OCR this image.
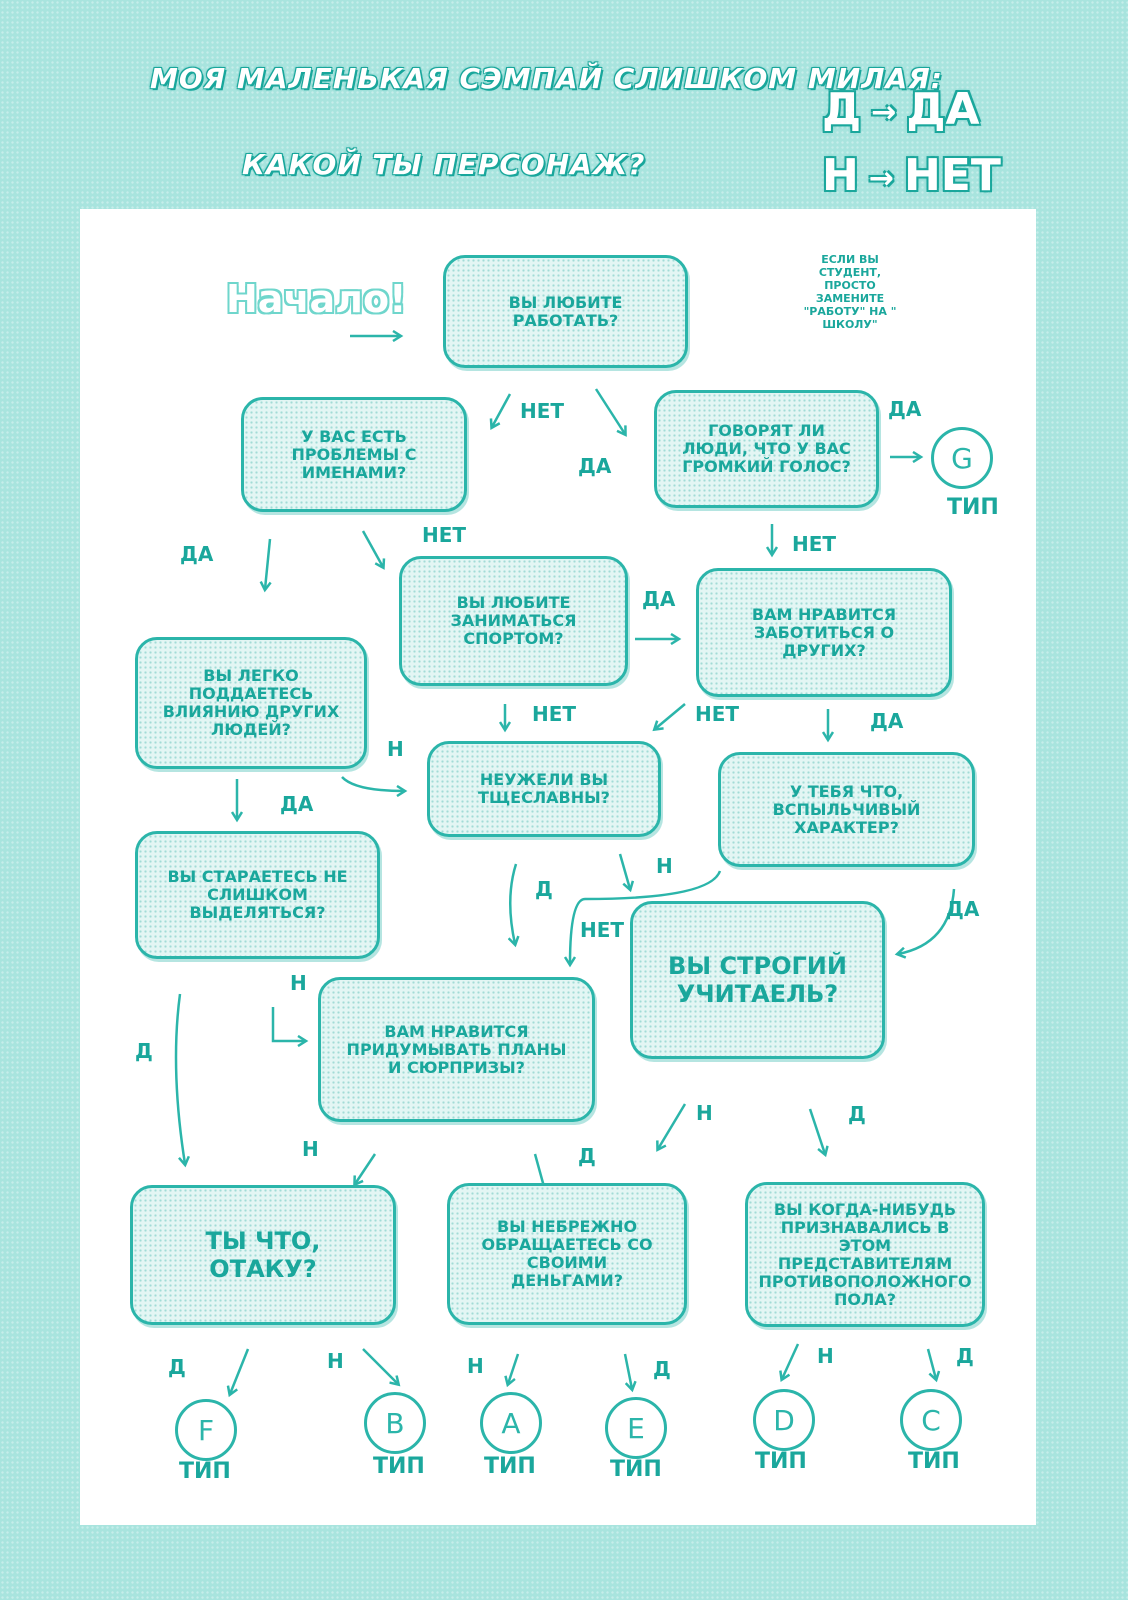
МОЯ МАЛЕНЬКАЯ СЭМПАЙ СЛИШКОМ МИЛАЯ:
КАКОЙ ТЫ ПЕРСОНАЖ?
Д → ДА
Н → НЕТ
Начало!
ЕСЛИ ВЫ СТУДЕНТ, ПРОСТО ЗАМЕНИТЕ "РАБОТУ" НА " ШКОЛУ"
ВЫ ЛЮБИТЕ РАБОТАТЬ?
У ВАС ЕСТЬ ПРОБЛЕМЫ С ИМЕНАМИ?
ГОВОРЯТ ЛИ ЛЮДИ, ЧТО У ВАС ГРОМКИЙ ГОЛОС?
ВЫ ЛЮБИТЕ ЗАНИМАТЬСЯ СПОРТОМ?
ВАМ НРАВИТСЯ ЗАБОТИТЬСЯ О ДРУГИХ?
ВЫ ЛЕГКО ПОДДАЕТЕСЬ ВЛИЯНИЮ ДРУГИХ ЛЮДЕЙ?
НЕУЖЕЛИ ВЫ ТЩЕСЛАВНЫ?	У ТЕБЯ ЧТО, ВСПЫЛЬЧИВЫЙ ХАРАКТЕР?
ВЫ СТАРАЕТЕСЬ НЕ СЛИШКОМ ВЫДЕЛЯТЬСЯ?
ВЫ СТРОГИЙ УЧИТАЕЛЬ?
ВАМ НРАВИТСЯ ПРИДУМЫВАТЬ ПЛАНЫ И СЮРПРИЗЫ?
ТЫ ЧТО, ОТАКУ?
ВЫ НЕБРЕЖНО ОБРАЩАЕТЕСЬ СО СВОИМИ ДЕНЬГАМИ?
ВЫ КОГДА-НИБУДЬ ПРИЗНАВАЛИСЬ В ЭТОМ ПРЕДСТАВИТЕЛЯМ ПРОТИВОПОЛОЖНОГО ПОЛА?
НЕТ
ДА
ДА
ДА
НЕТ	НЕТ
ДА
НЕТ	НЕТ	ДА
Н
ДА
Д
Н
НЕТ
ДА
Д
Н
Н	Д
Н	Д
Д	Н	Н	Д
Н	Д
G
ТИП
F
ТИП
B
ТИП
A
ТИП
E
ТИП
D
ТИП
C
ТИП
